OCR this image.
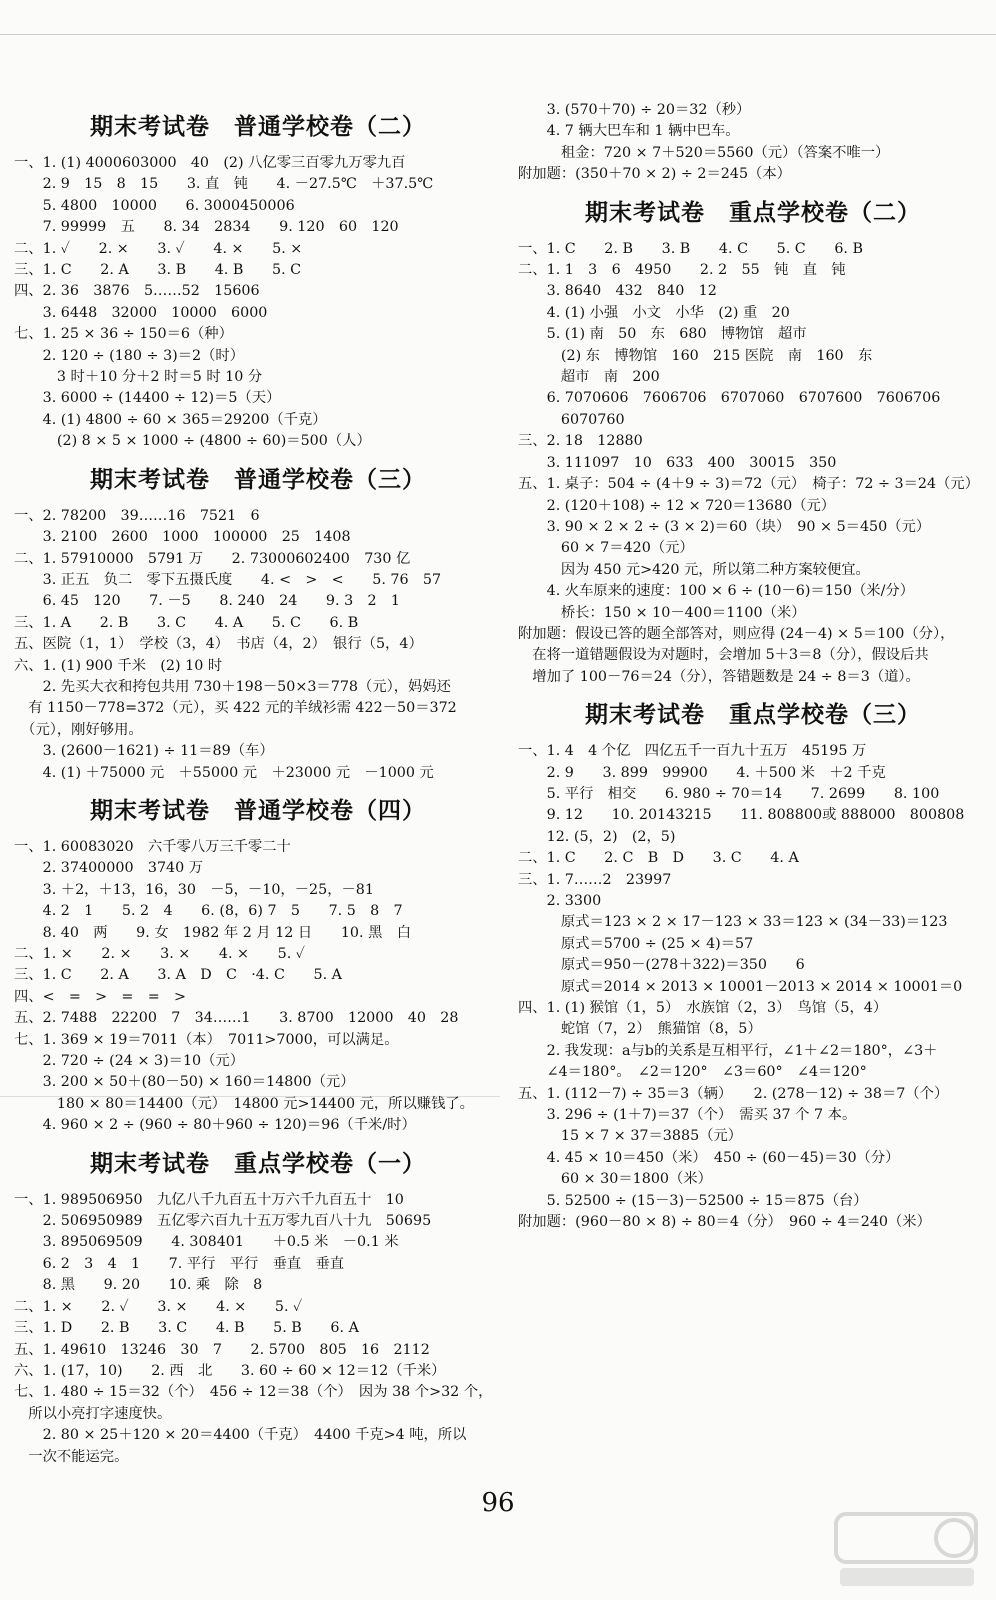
期末考试卷　普通学校卷（二）
一、1. (1) 4000603000　40　(2) 八亿零三百零九万零九百
　　2. 9　15　8　15　　3. 直　钝　　4. －27.5℃　＋37.5℃
　　5. 4800　10000　　6. 3000450006
　　7. 99999　五　　8. 34　2834　　9. 120　60　120
二、1. ✓　　2. ×　　3. ✓　　4. ×　　5. ×
三、1. C　　2. A　　3. B　　4. B　　5. C
四、2. 36　3876　5……52　15606
　　3. 6448　32000　10000　6000
七、1. 25 × 36 ÷ 150＝6（种）
　　2. 120 ÷ (180 ÷ 3)＝2（时）
　　　3 时＋10 分＋2 时＝5 时 10 分
　　3. 6000 ÷ (14400 ÷ 12)＝5（天）
　　4. (1) 4800 ÷ 60 × 365＝29200（千克）
　　　(2) 8 × 5 × 1000 ÷ (4800 ÷ 60)＝500（人）
期末考试卷　普通学校卷（三）
一、2. 78200　39……16　7521　6
　　3. 2100　2600　1000　100000　25　1408
二、1. 57910000　5791 万　　2. 73000602400　730 亿
　　3. 正五　负二　零下五摄氏度　　4. <　>　<　　5. 76　57
　　6. 45　120　　7. －5　　8. 240　24　　9. 3　2　1
三、1. A　　2. B　　3. C　　4. A　　5. C　　6. B
五、医院（1，1）　学校（3，4）　书店（4，2）　银行（5，4）
六、1. (1) 900 千米　(2) 10 时
　　2. 先买大衣和挎包共用 730＋198－50×3＝778（元），妈妈还
　有 1150－778=372（元），买 422 元的羊绒衫需 422－50＝372
　（元），刚好够用。
　　3. (2600－1621) ÷ 11＝89（车）
　　4. (1) ＋75000 元　＋55000 元　＋23000 元　－1000 元
期末考试卷　普通学校卷（四）
一、1. 60083020　六千零八万三千零二十
　　2. 37400000　3740 万
　　3. ＋2，＋13，16，30　－5，－10，－25，－81
　　4. 2　1　　5. 2　4　　6. (8，6) 7　5　　7. 5　8　7
　　8. 40　两　　9. 女　1982 年 2 月 12 日　　10. 黑　白
二、1. ×　　2. ×　　3. ×　　4. ×　　5. ✓
三、1. C　　2. A　　3. A　D　C　·4. C　　5. A
四、<　=　>　=　=　>
五、2. 7488　22200　7　34……1　　3. 8700　12000　40　28
七、1. 369 × 19＝7011（本）　7011>7000，可以满足。
　　2. 720 ÷ (24 × 3)＝10（元）
　　3. 200 × 50＋(80－50) × 160＝14800（元）
　　　180 × 80＝14400（元）　14800 元>14400 元，所以赚钱了。
　　4. 960 × 2 ÷ (960 ÷ 80＋960 ÷ 120)＝96（千米/时）
期末考试卷　重点学校卷（一）
一、1. 989506950　九亿八千九百五十万六千九百五十　10
　　2. 506950989　五亿零六百九十五万零九百八十九　50695
　　3. 895069509　　4. 308401　　＋0.5 米　－0.1 米
　　6. 2　3　4　1　　7. 平行　平行　垂直　垂直
　　8. 黑　　9. 20　　10. 乘　除　8
二、1. ×　　2. ✓　　3. ×　　4. ×　　5. ✓
三、1. D　　2. B　　3. C　　4. B　　5. B　　6. A
五、1. 49610　13246　30　7　　2. 5700　805　16　2112
六、1. (17，10)　　2. 西　北　　3. 60 ÷ 60 × 12＝12（千米）
七、1. 480 ÷ 15＝32（个）　456 ÷ 12＝38（个）　因为 38 个>32 个，
　所以小亮打字速度快。
　　2. 80 × 25＋120 × 20＝4400（千克）　4400 千克>4 吨，所以
　一次不能运完。
　　3. (570＋70) ÷ 20＝32（秒）
　　4. 7 辆大巴车和 1 辆中巴车。
　　　租金：720 × 7＋520＝5560（元）（答案不唯一）
附加题：(350＋70 × 2) ÷ 2＝245（本）
期末考试卷　重点学校卷（二）
一、1. C　　2. B　　3. B　　4. C　　5. C　　6. B
二、1. 1　3　6　4950　　2. 2　55　钝　直　钝
　　3. 8640　432　840　12
　　4. (1) 小强　小文　小华　(2) 重　20
　　5. (1) 南　50　东　680　博物馆　超市
　　　(2) 东　博物馆　160　215 医院　南　160　东
　　　超市　南　200
　　6. 7070606　7606706　6707060　6707600　7606706
　　　6070760
三、2. 18　12880
　　3. 111097　10　633　400　30015　350
五、1. 桌子：504 ÷ (4＋9 ÷ 3)＝72（元）　椅子：72 ÷ 3＝24（元）
　　2. (120＋108) ÷ 12 × 720＝13680（元）
　　3. 90 × 2 × 2 ÷ (3 × 2)＝60（块）　90 × 5＝450（元）
　　　60 × 7＝420（元）
　　　因为 450 元>420 元，所以第二种方案较便宜。
　　4. 火车原来的速度：100 × 6 ÷ (10－6)＝150（米/分）
　　　桥长：150 × 10－400＝1100（米）
附加题：假设已答的题全部答对，则应得 (24－4) × 5＝100（分），
　在将一道错题假设为对题时，会增加 5＋3＝8（分），假设后共
　增加了 100－76＝24（分），答错题数是 24 ÷ 8＝3（道）。
期末考试卷　重点学校卷（三）
一、1. 4　4 个亿　四亿五千一百九十五万　45195 万
　　2. 9　　3. 899　99900　　4. ＋500 米　＋2 千克
　　5. 平行　相交　　6. 980 ÷ 70＝14　　7. 2699　　8. 100
　　9. 12　　10. 20143215　　11. 808800或 888000　800808
　　12. (5，2)　(2，5)
二、1. C　　2. C　B　D　　3. C　　4. A
三、1. 7……2　23997
　　2. 3300
　　　原式＝123 × 2 × 17－123 × 33＝123 × (34－33)＝123
　　　原式＝5700 ÷ (25 × 4)＝57
　　　原式＝950－(278＋322)＝350　　6
　　　原式＝2014 × 2013 × 10001－2013 × 2014 × 10001＝0
四、1. (1) 猴馆（1，5）　水族馆（2，3）　鸟馆（5，4）
　　　蛇馆（7，2）　熊猫馆（8，5）
　　2. 我发现：a与b的关系是互相平行，∠1＋∠2＝180°，∠3＋
　　∠4＝180°。　∠2＝120°　∠3＝60°　∠4＝120°
五、1. (112－7) ÷ 35＝3（辆）　　2. (278－12) ÷ 38＝7（个）
　　3. 296 ÷ (1＋7)＝37（个）　需买 37 个 7 本。
　　　15 × 7 × 37＝3885（元）
　　4. 45 × 10＝450（米）　450 ÷ (60－45)＝30（分）
　　　60 × 30＝1800（米）
　　5. 52500 ÷ (15－3)－52500 ÷ 15＝875（台）
附加题：(960－80 × 8) ÷ 80＝4（分）　960 ÷ 4＝240（米）
96
